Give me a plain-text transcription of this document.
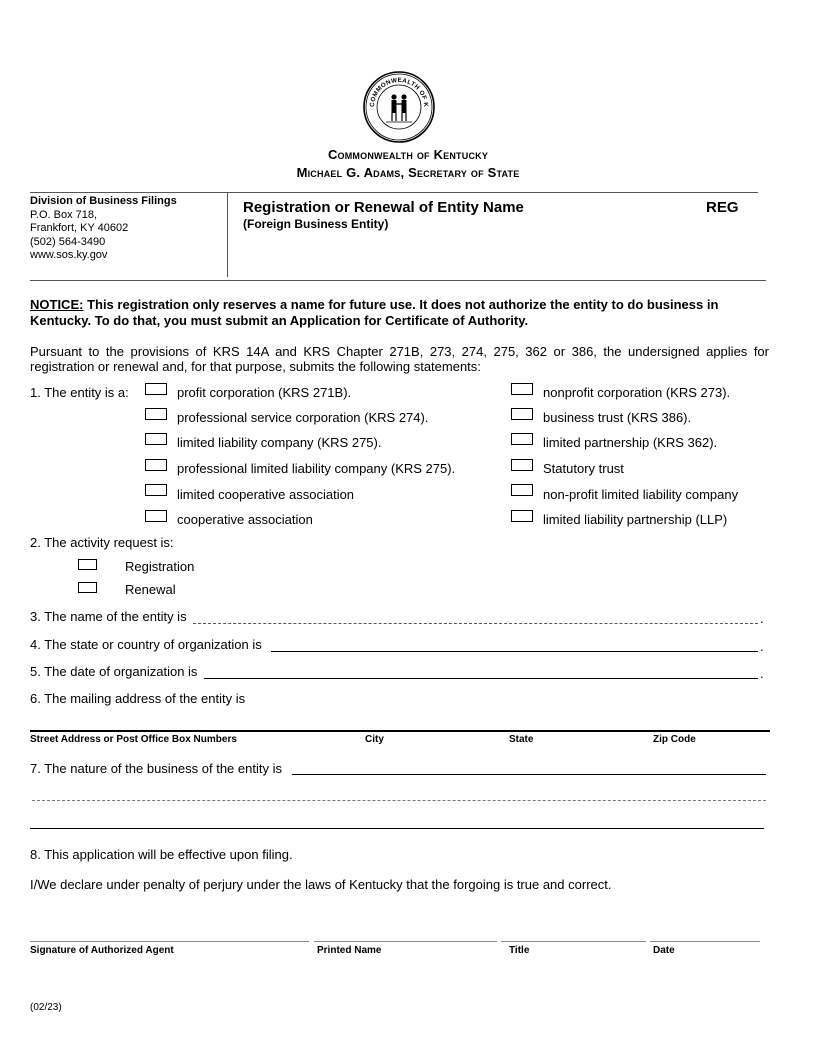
COMMONWEALTH OF K
Commonwealth of Kentucky
Michael G. Adams, Secretary of State
Division of Business Filings
P.O. Box 718,
Frankfort, KY 40602
(502) 564-3490
www.sos.ky.gov
Registration or Renewal of Entity Name
(Foreign Business Entity)
REG
NOTICE: This registration only reserves a name for future use. It does not authorize the entity to do business in Kentucky. To do that, you must submit an Application for Certificate of Authority.
Pursuant to the provisions of KRS 14A and KRS Chapter 271B, 273, 274, 275, 362 or 386, the undersigned applies for registration or renewal and, for that purpose, submits the following statements:
1. The entity is a:	profit corporation (KRS 271B).
professional service corporation (KRS 274).
limited liability company (KRS 275).
professional limited liability company (KRS 275).
limited cooperative association
cooperative association
nonprofit corporation (KRS 273).
business trust (KRS 386).
limited partnership (KRS 362).
Statutory trust
non-profit limited liability company
limited liability partnership (LLP)
2. The activity request is:
Registration
Renewal
3. The name of the entity is	.
4. The state or country of organization is	.
5. The date of organization is	.
6. The mailing address of the entity is
Street Address or Post Office Box Numbers	City	State	Zip Code
7. The nature of the business of the entity is
8. This application will be effective upon filing.
I/We declare under penalty of perjury under the laws of Kentucky that the forgoing is true and correct.
Signature of Authorized Agent	Printed Name	Title	Date
(02/23)
